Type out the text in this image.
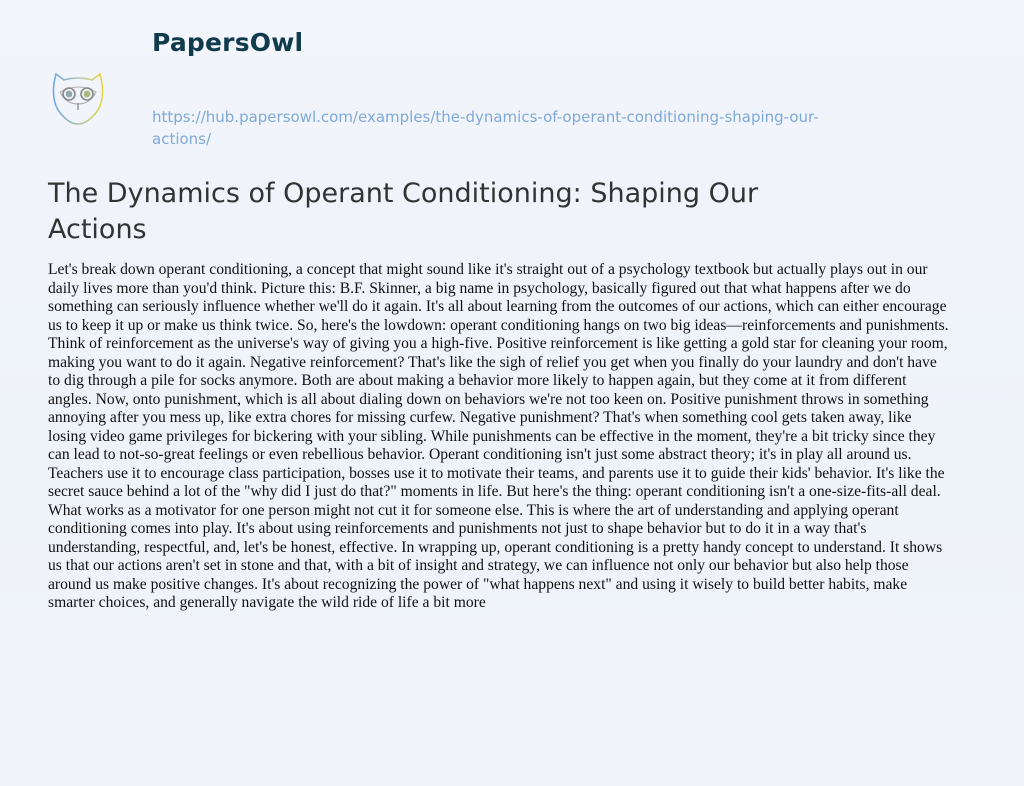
PapersOwl
https://hub.papersowl.com/examples/the-dynamics-of-operant-conditioning-shaping-our-
actions/
The Dynamics of Operant Conditioning: Shaping Our
Actions
Let's break down operant conditioning, a concept that might sound like it's straight out of a psychology textbook but actually plays out in our
daily lives more than you'd think. Picture this: B.F. Skinner, a big name in psychology, basically figured out that what happens after we do
something can seriously influence whether we'll do it again. It's all about learning from the outcomes of our actions, which can either encourage
us to keep it up or make us think twice. So, here's the lowdown: operant conditioning hangs on two big ideas—reinforcements and punishments.
Think of reinforcement as the universe's way of giving you a high-five. Positive reinforcement is like getting a gold star for cleaning your room,
making you want to do it again. Negative reinforcement? That's like the sigh of relief you get when you finally do your laundry and don't have
to dig through a pile for socks anymore. Both are about making a behavior more likely to happen again, but they come at it from different
angles. Now, onto punishment, which is all about dialing down on behaviors we're not too keen on. Positive punishment throws in something
annoying after you mess up, like extra chores for missing curfew. Negative punishment? That's when something cool gets taken away, like
losing video game privileges for bickering with your sibling. While punishments can be effective in the moment, they're a bit tricky since they
can lead to not-so-great feelings or even rebellious behavior. Operant conditioning isn't just some abstract theory; it's in play all around us.
Teachers use it to encourage class participation, bosses use it to motivate their teams, and parents use it to guide their kids' behavior. It's like the
secret sauce behind a lot of the "why did I just do that?" moments in life. But here's the thing: operant conditioning isn't a one-size-fits-all deal.
What works as a motivator for one person might not cut it for someone else. This is where the art of understanding and applying operant
conditioning comes into play. It's about using reinforcements and punishments not just to shape behavior but to do it in a way that's
understanding, respectful, and, let's be honest, effective. In wrapping up, operant conditioning is a pretty handy concept to understand. It shows
us that our actions aren't set in stone and that, with a bit of insight and strategy, we can influence not only our behavior but also help those
around us make positive changes. It's about recognizing the power of "what happens next" and using it wisely to build better habits, make
smarter choices, and generally navigate the wild ride of life a bit more
